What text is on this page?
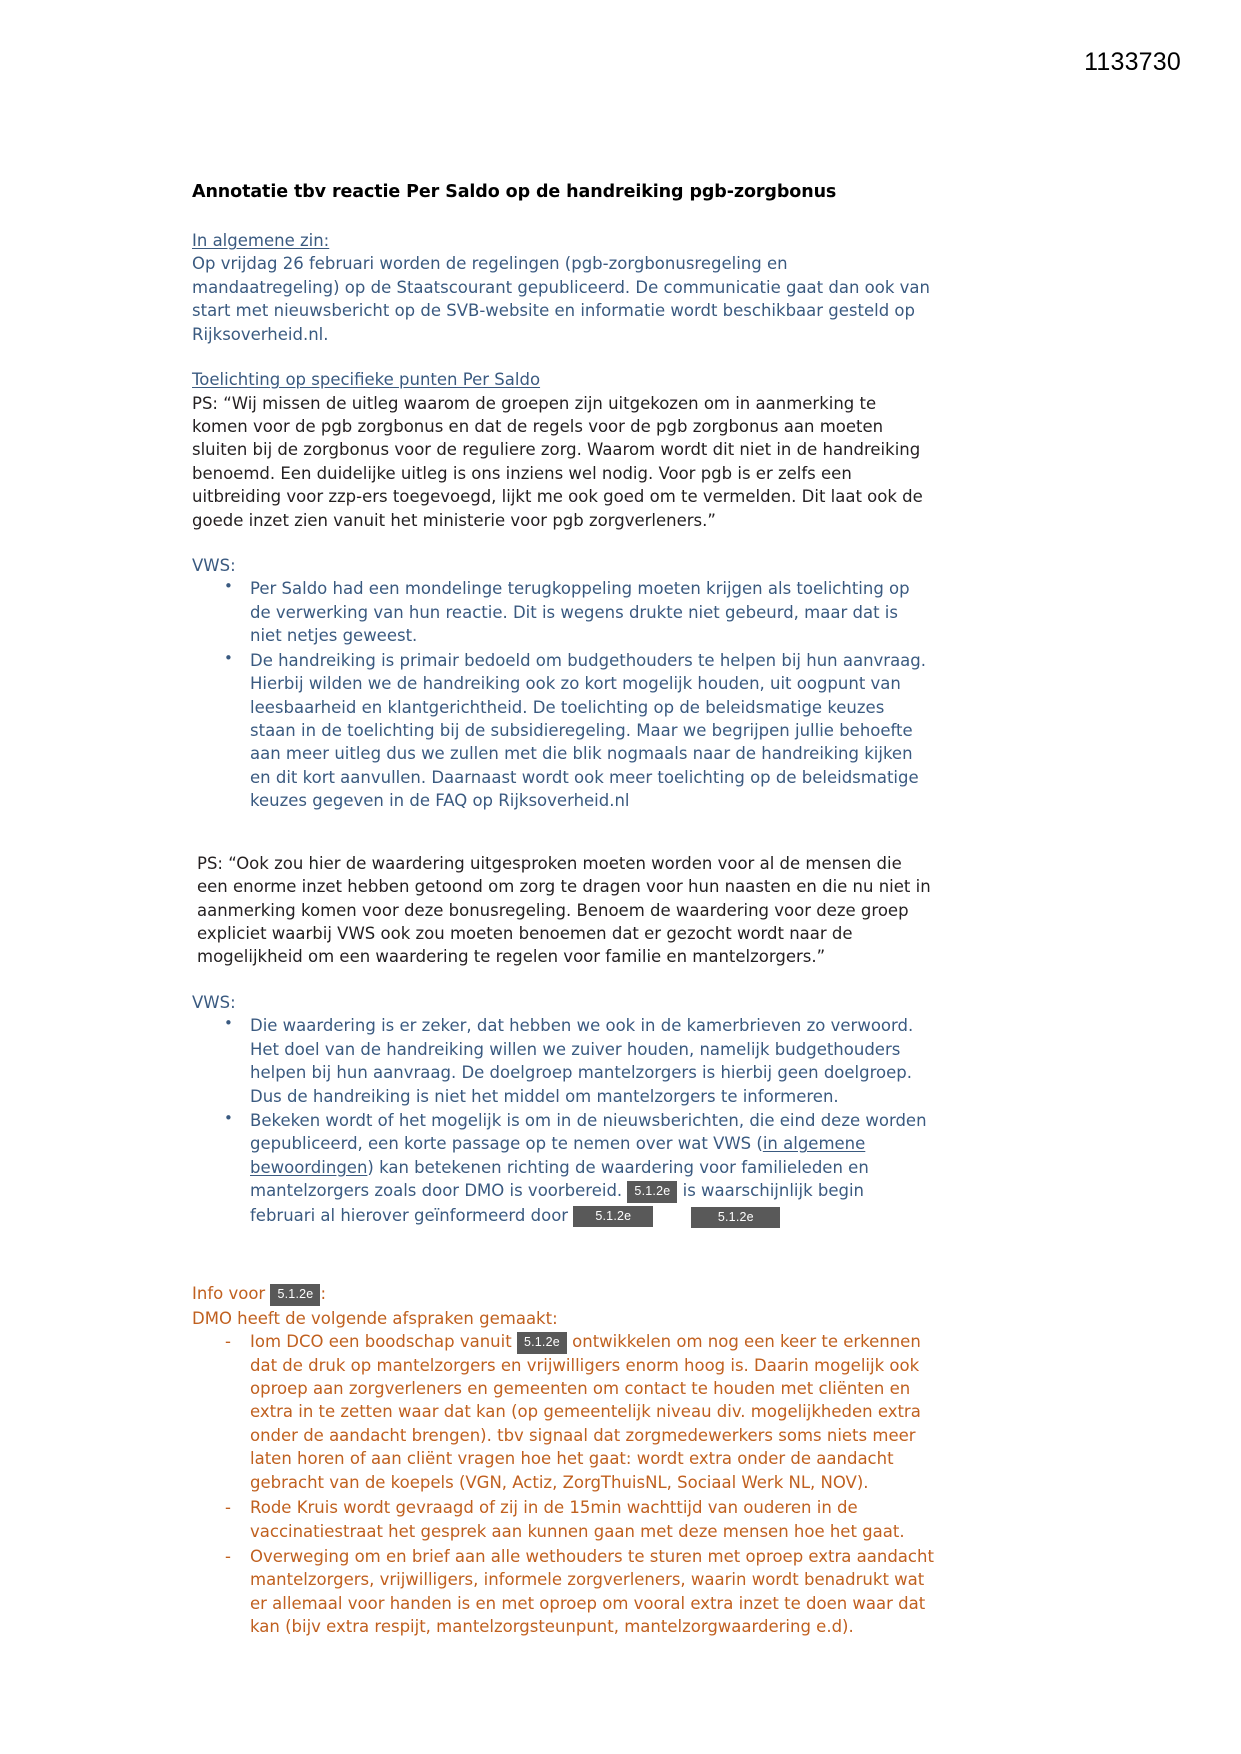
1133730
Annotatie tbv reactie Per Saldo op de handreiking pgb-zorgbonus
In algemene zin:
Op vrijdag 26 februari worden de regelingen (pgb-zorgbonusregeling en mandaatregeling) op de Staatscourant gepubliceerd. De communicatie gaat dan ook van start met nieuwsbericht op de SVB-website en informatie wordt beschikbaar gesteld op Rijksoverheid.nl.
Toelichting op specifieke punten Per Saldo
PS: “Wij missen de uitleg waarom de groepen zijn uitgekozen om in aanmerking te komen voor de pgb zorgbonus en dat de regels voor de pgb zorgbonus aan moeten sluiten bij de zorgbonus voor de reguliere zorg. Waarom wordt dit niet in de handreiking benoemd. Een duidelijke uitleg is ons inziens wel nodig. Voor pgb is er zelfs een uitbreiding voor zzp-ers toegevoegd, lijkt me ook goed om te vermelden. Dit laat ook de goede inzet zien vanuit het ministerie voor pgb zorgverleners.”
VWS:
• Per Saldo had een mondelinge terugkoppeling moeten krijgen als toelichting op de verwerking van hun reactie. Dit is wegens drukte niet gebeurd, maar dat is niet netjes geweest.
• De handreiking is primair bedoeld om budgethouders te helpen bij hun aanvraag. Hierbij wilden we de handreiking ook zo kort mogelijk houden, uit oogpunt van leesbaarheid en klantgerichtheid. De toelichting op de beleidsmatige keuzes staan in de toelichting bij de subsidieregeling. Maar we begrijpen jullie behoefte aan meer uitleg dus we zullen met die blik nogmaals naar de handreiking kijken en dit kort aanvullen. Daarnaast wordt ook meer toelichting op de beleidsmatige keuzes gegeven in de FAQ op Rijksoverheid.nl
PS: “Ook zou hier de waardering uitgesproken moeten worden voor al de mensen die een enorme inzet hebben getoond om zorg te dragen voor hun naasten en die nu niet in aanmerking komen voor deze bonusregeling. Benoem de waardering voor deze groep expliciet waarbij VWS ook zou moeten benoemen dat er gezocht wordt naar de mogelijkheid om een waardering te regelen voor familie en mantelzorgers.”
VWS:
• Die waardering is er zeker, dat hebben we ook in de kamerbrieven zo verwoord. Het doel van de handreiking willen we zuiver houden, namelijk budgethouders helpen bij hun aanvraag. De doelgroep mantelzorgers is hierbij geen doelgroep. Dus de handreiking is niet het middel om mantelzorgers te informeren.
• Bekeken wordt of het mogelijk is om in de nieuwsberichten, die eind deze worden gepubliceerd, een korte passage op te nemen over wat VWS (in algemene bewoordingen) kan betekenen richting de waardering voor familieleden en mantelzorgers zoals door DMO is voorbereid. 5.1.2e is waarschijnlijk begin februari al hierover geïnformeerd door 5.1.2e	5.1.2e
Info voor 5.1.2e :
DMO heeft de volgende afspraken gemaakt:
- Iom DCO een boodschap vanuit 5.1.2e ontwikkelen om nog een keer te erkennen dat de druk op mantelzorgers en vrijwilligers enorm hoog is. Daarin mogelijk ook oproep aan zorgverleners en gemeenten om contact te houden met cliënten en extra in te zetten waar dat kan (op gemeentelijk niveau div. mogelijkheden extra onder de aandacht brengen). tbv signaal dat zorgmedewerkers soms niets meer laten horen of aan cliënt vragen hoe het gaat: wordt extra onder de aandacht gebracht van de koepels (VGN, Actiz, ZorgThuisNL, Sociaal Werk NL, NOV).
- Rode Kruis wordt gevraagd of zij in de 15min wachttijd van ouderen in de vaccinatiestraat het gesprek aan kunnen gaan met deze mensen hoe het gaat.
- Overweging om en brief aan alle wethouders te sturen met oproep extra aandacht mantelzorgers, vrijwilligers, informele zorgverleners, waarin wordt benadrukt wat er allemaal voor handen is en met oproep om vooral extra inzet te doen waar dat kan (bijv extra respijt, mantelzorgsteunpunt, mantelzorgwaardering e.d).
